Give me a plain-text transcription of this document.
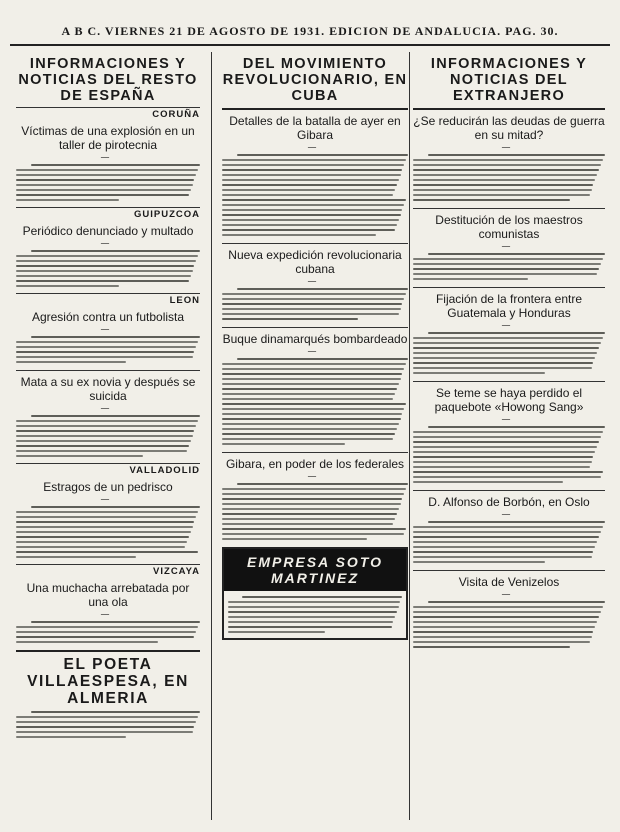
A B C. VIERNES 21 DE AGOSTO DE 1931. EDICION DE ANDALUCIA. PAG. 30.
INFORMACIONES Y NOTICIAS DEL RESTO DE ESPAÑA
CORUÑA
Víctimas de una explosión en un taller de pirotecnia
—
GUIPUZCOA
Periódico denunciado y multado
—
LEON
Agresión contra un futbolista
—
Mata a su ex novia y después se suicida
—
VALLADOLID
Estragos de un pedrisco
—
VIZCAYA
Una muchacha arrebatada por una ola
—
EL POETA VILLAESPESA, EN ALMERIA
DEL MOVIMIENTO REVOLUCIONARIO, EN CUBA
Detalles de la batalla de ayer en Gibara
—
Nueva expedición revolucionaria cubana
—
Buque dinamarqués bombardeado
—
Gibara, en poder de los federales
—
EMPRESA SOTO MARTINEZ
INFORMACIONES Y NOTICIAS DEL EXTRANJERO
¿Se reducirán las deudas de guerra en su mitad?
—
Destitución de los maestros comunistas
—
Fijación de la frontera entre Guatemala y Honduras
—
Se teme se haya perdido el paquebote «Howong Sang»
—
D. Alfonso de Borbón, en Oslo
—
Visita de Venizelos
—
